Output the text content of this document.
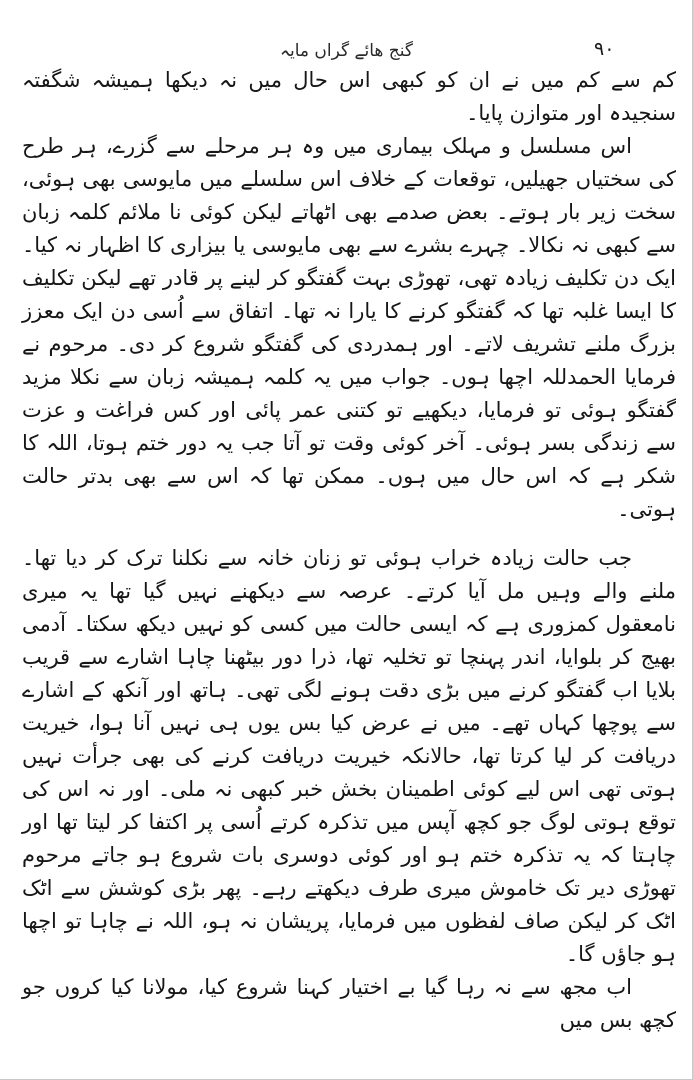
گنج ھائے گراں مایہ	۹۰

کم سے کم میں نے ان کو کبھی اس حال میں نہ دیکھا ہمیشہ شگفتہ سنجیدہ اور متوازن پایا۔

اس مسلسل و مہلک بیماری میں وہ ہر مرحلے سے گزرے، ہر طرح کی سختیاں جھیلیں، توقعات کے خلاف اس سلسلے میں مایوسی بھی ہوئی، سخت زیر بار ہوتے۔ بعض صدمے بھی اٹھاتے لیکن کوئی نا ملائم کلمہ زبان سے کبھی نہ نکالا۔ چہرے بشرے سے بھی مایوسی یا بیزاری کا اظہار نہ کیا۔ ایک دن تکلیف زیادہ تھی، تھوڑی بہت گفتگو کر لینے پر قادر تھے لیکن تکلیف کا ایسا غلبہ تھا کہ گفتگو کرنے کا یارا نہ تھا۔ اتفاق سے اُسی دن ایک معزز بزرگ ملنے تشریف لاتے۔ اور ہمدردی کی گفتگو شروع کر دی۔ مرحوم نے فرمایا الحمدللہ اچھا ہوں۔ جواب میں یہ کلمہ ہمیشہ زبان سے نکلا مزید گفتگو ہوئی تو فرمایا، دیکھیے تو کتنی عمر پائی اور کس فراغت و عزت سے زندگی بسر ہوئی۔ آخر کوئی وقت تو آتا جب یہ دور ختم ہوتا، اللہ کا شکر ہے کہ اس حال میں ہوں۔ ممکن تھا کہ اس سے بھی بدتر حالت ہوتی۔

جب حالت زیادہ خراب ہوئی تو زنان خانہ سے نکلنا ترک کر دیا تھا۔ ملنے والے وہیں مل آیا کرتے۔ عرصہ سے دیکھنے نہیں گیا تھا یہ میری نامعقول کمزوری ہے کہ ایسی حالت میں کسی کو نہیں دیکھ سکتا۔ آدمی بھیج کر بلوایا، اندر پہنچا تو تخلیہ تھا، ذرا دور بیٹھنا چاہا اشارے سے قریب بلایا اب گفتگو کرنے میں بڑی دقت ہونے لگی تھی۔ ہاتھ اور آنکھ کے اشارے سے پوچھا کہاں تھے۔ میں نے عرض کیا بس یوں ہی نہیں آنا ہوا، خیریت دریافت کر لیا کرتا تھا، حالانکہ خیریت دریافت کرنے کی بھی جرأت نہیں ہوتی تھی اس لیے کوئی اطمینان بخش خبر کبھی نہ ملی۔ اور نہ اس کی توقع ہوتی لوگ جو کچھ آپس میں تذکرہ کرتے اُسی پر اکتفا کر لیتا تھا اور چاہتا کہ یہ تذکرہ ختم ہو اور کوئی دوسری بات شروع ہو جاتے مرحوم تھوڑی دیر تک خاموش میری طرف دیکھتے رہے۔ پھر بڑی کوشش سے اٹک اٹک کر لیکن صاف لفظوں میں فرمایا، پریشان نہ ہو، اللہ نے چاہا تو اچھا ہو جاؤں گا۔

اب مجھ سے نہ رہا گیا بے اختیار کہنا شروع کیا، مولانا کیا کروں جو کچھ بس میں
